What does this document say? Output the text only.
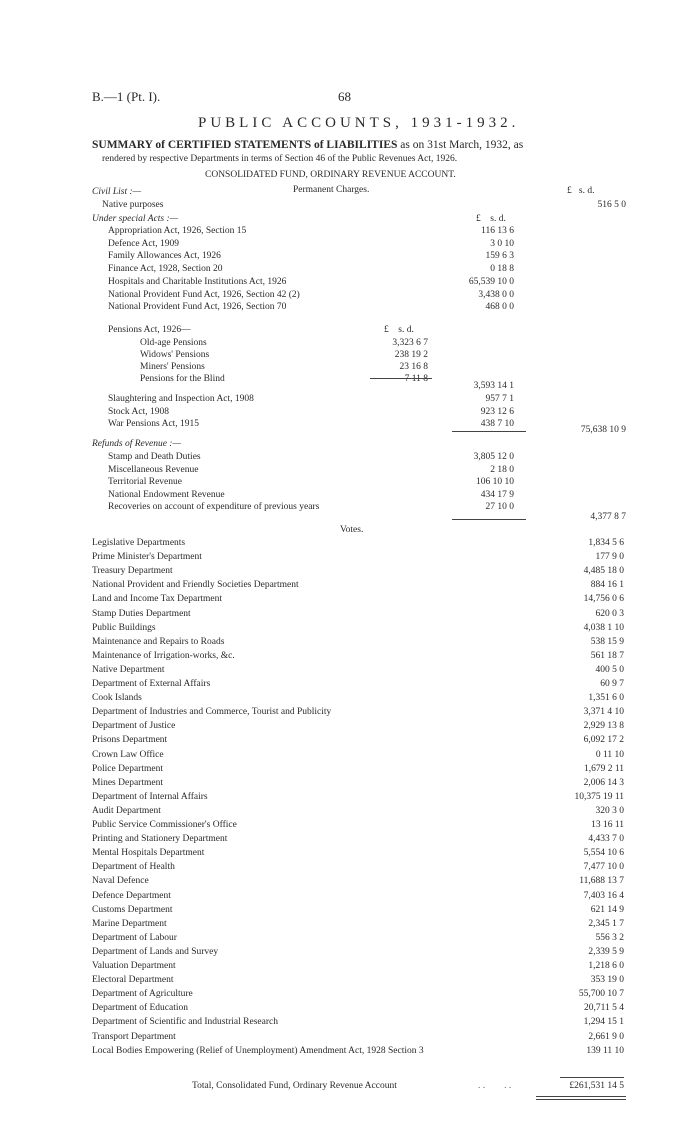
B.—1 (Pt. I).	68
PUBLIC ACCOUNTS, 1931-1932.
SUMMARY of CERTIFIED STATEMENTS of LIABILITIES as on 31st March, 1932, as
rendered by respective Departments in terms of Section 46 of the Public Revenues Act, 1926.
CONSOLIDATED FUND, ORDINARY REVENUE ACCOUNT.
Permanent Charges.	£ s. d.
Civil List :—
Native purposes	516 5 0
Under special Acts :—	£ s. d.
Appropriation Act, 1926, Section 15	116 13 6
Defence Act, 1909	3 0 10
Family Allowances Act, 1926	159 6 3
Finance Act, 1928, Section 20	0 18 8
Hospitals and Charitable Institutions Act, 1926	65,539 10 0
National Provident Fund Act, 1926, Section 42 (2)	3,438 0 0
National Provident Fund Act, 1926, Section 70	468 0 0
Pensions Act, 1926—	£ s. d.
Old-age Pensions	3,323 6 7
Widows' Pensions	238 19 2
Miners' Pensions	23 16 8
Pensions for the Blind	7 11 8
3,593 14 1
Slaughtering and Inspection Act, 1908	957 7 1
Stock Act, 1908	923 12 6
War Pensions Act, 1915	438 7 10
75,638 10 9
Refunds of Revenue :—
Stamp and Death Duties	3,805 12 0
Miscellaneous Revenue	2 18 0
Territorial Revenue	106 10 10
National Endowment Revenue	434 17 9
Recoveries on account of expenditure of previous years	27 10 0
4,377 8 7
Votes.
Legislative Departments	1,834 5 6
Prime Minister's Department	177 9 0
Treasury Department	4,485 18 0
National Provident and Friendly Societies Department	884 16 1
Land and Income Tax Department	14,756 0 6
Stamp Duties Department	620 0 3
Public Buildings	4,038 1 10
Maintenance and Repairs to Roads	538 15 9
Maintenance of Irrigation-works, &c.	561 18 7
Native Department	400 5 0
Department of External Affairs	60 9 7
Cook Islands	1,351 6 0
Department of Industries and Commerce, Tourist and Publicity	3,371 4 10
Department of Justice	2,929 13 8
Prisons Department	6,092 17 2
Crown Law Office	0 11 10
Police Department	1,679 2 11
Mines Department	2,006 14 3
Department of Internal Affairs	10,375 19 11
Audit Department	320 3 0
Public Service Commissioner's Office	13 16 11
Printing and Stationery Department	4,433 7 0
Mental Hospitals Department	5,554 10 6
Department of Health	7,477 10 0
Naval Defence	11,688 13 7
Defence Department	7,403 16 4
Customs Department	621 14 9
Marine Department	2,345 1 7
Department of Labour	556 3 2
Department of Lands and Survey	2,339 5 9
Valuation Department	1,218 6 0
Electoral Department	353 19 0
Department of Agriculture	55,700 10 7
Department of Education	20,711 5 4
Department of Scientific and Industrial Research	1,294 15 1
Transport Department	2,661 9 0
Local Bodies Empowering (Relief of Unemployment) Amendment Act, 1928 Section 3	139 11 10
Total, Consolidated Fund, Ordinary Revenue Account	. .        . .	£261,531 14 5
